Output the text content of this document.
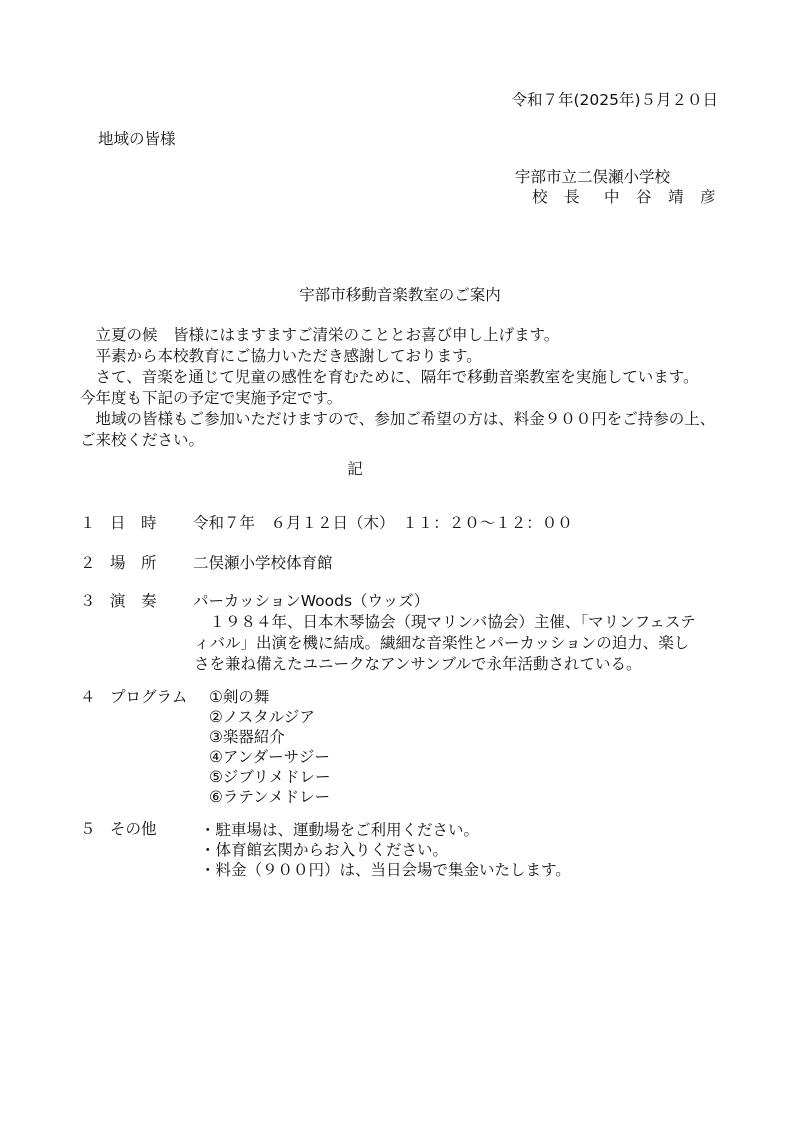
令和７年(2025年)５月２０日
地域の皆様
宇部市立二俣瀬小学校
校　長 中　谷　靖　彦
宇部市移動音楽教室のご案内
　立夏の候　皆様にはますますご清栄のこととお喜び申し上げます。
　平素から本校教育にご協力いただき感謝しております。
　さて、音楽を通じて児童の感性を育むために、隔年で移動音楽教室を実施しています。
今年度も下記の予定で実施予定です。
　地域の皆様もご参加いただけますので、参加ご希望の方は、料金９００円をご持参の上、
ご来校ください。
記
１ 日　時 令和７年　６月１２日（木）　１１：２０〜１２：００
２ 場　所 二俣瀬小学校体育館
３ 演　奏 パーカッションWoods（ウッズ）
　１９８４年、日本木琴協会（現マリンバ協会）主催、「マリンフェステ
ィバル」出演を機に結成。繊細な音楽性とパーカッションの迫力、楽し
さを兼ね備えたユニークなアンサンブルで永年活動されている。
４ プログラム ①剣の舞
②ノスタルジア
③楽器紹介
④アンダーサジー
⑤ジブリメドレー
⑥ラテンメドレー
５ その他	・駐車場は、運動場をご利用ください。
・体育館玄関からお入りください。
・料金（９００円）は、当日会場で集金いたします。
